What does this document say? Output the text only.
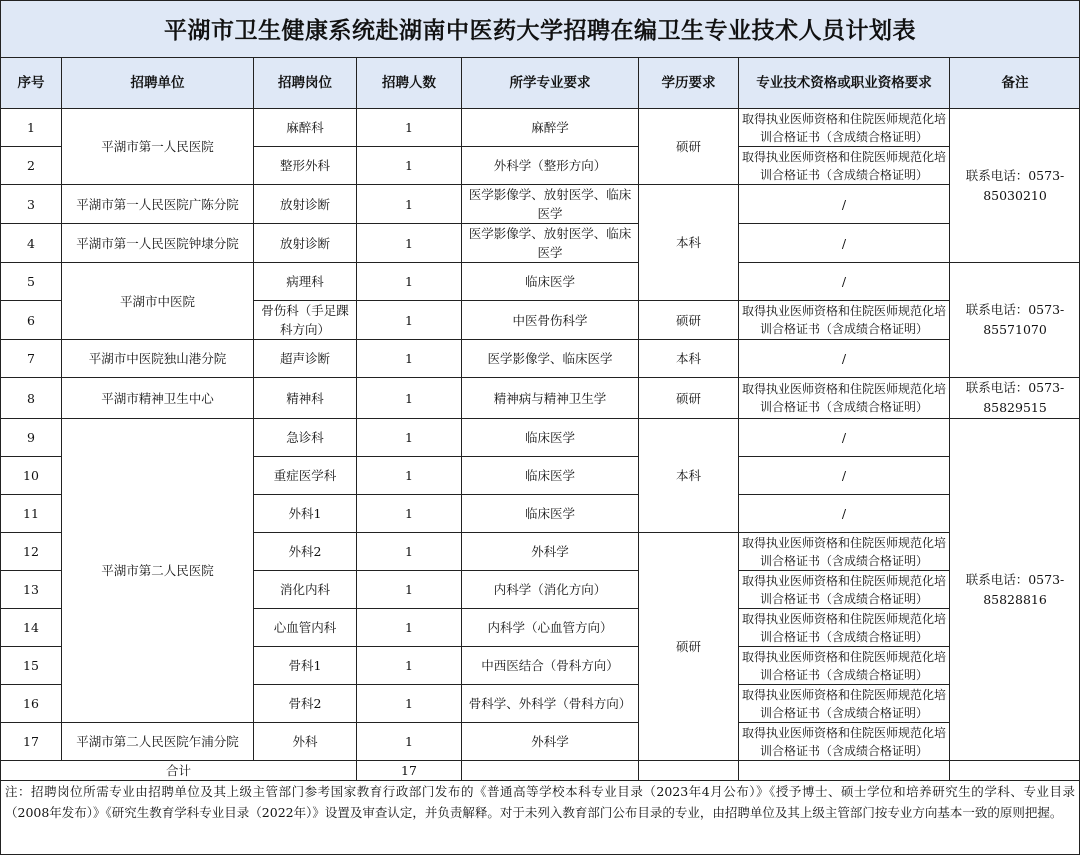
平湖市卫生健康系统赴湖南中医药大学招聘在编卫生专业技术人员计划表
序号	招聘单位	招聘岗位	招聘人数	所学专业要求	学历要求	专业技术资格或职业资格要求	备注
1	平湖市第一人民医院	麻醉科	1	麻醉学	硕研	取得执业医师资格和住院医师规范化培训合格证书（含成绩合格证明）	联系电话：0573-85030210
2		整形外科	1	外科学（整形方向）		取得执业医师资格和住院医师规范化培训合格证书（含成绩合格证明）	
3	平湖市第一人民医院广陈分院	放射诊断	1	医学影像学、放射医学、临床医学	本科	/	
4	平湖市第一人民医院钟埭分院	放射诊断	1	医学影像学、放射医学、临床医学		/	
5	平湖市中医院	病理科	1	临床医学		/	联系电话：0573-85571070
6		骨伤科（手足踝科方向）	1	中医骨伤科学	硕研	取得执业医师资格和住院医师规范化培训合格证书（含成绩合格证明）	
7	平湖市中医院独山港分院	超声诊断	1	医学影像学、临床医学	本科	/	
8	平湖市精神卫生中心	精神科	1	精神病与精神卫生学	硕研	取得执业医师资格和住院医师规范化培训合格证书（含成绩合格证明）	联系电话：0573-85829515
9	平湖市第二人民医院	急诊科	1	临床医学	本科	/	联系电话：0573-85828816
10		重症医学科	1	临床医学		/	
11		外科1	1	临床医学		/	
12		外科2	1	外科学	硕研	取得执业医师资格和住院医师规范化培训合格证书（含成绩合格证明）	
13		消化内科	1	内科学（消化方向）		取得执业医师资格和住院医师规范化培训合格证书（含成绩合格证明）	
14		心血管内科	1	内科学（心血管方向）		取得执业医师资格和住院医师规范化培训合格证书（含成绩合格证明）	
15		骨科1	1	中西医结合（骨科方向）		取得执业医师资格和住院医师规范化培训合格证书（含成绩合格证明）	
16		骨科2	1	骨科学、外科学（骨科方向）		取得执业医师资格和住院医师规范化培训合格证书（含成绩合格证明）	
17	平湖市第二人民医院乍浦分院	外科	1	外科学		取得执业医师资格和住院医师规范化培训合格证书（含成绩合格证明）	
合计			17				
注：招聘岗位所需专业由招聘单位及其上级主管部门参考国家教育行政部门发布的《普通高等学校本科专业目录（2023年4月公布）》《授予博士、硕士学位和培养研究生的学科、专业目录（2008年发布）》《研究生教育学科专业目录（2022年）》设置及审查认定，并负责解释。对于未列入教育部门公布目录的专业，由招聘单位及其上级主管部门按专业方向基本一致的原则把握。
